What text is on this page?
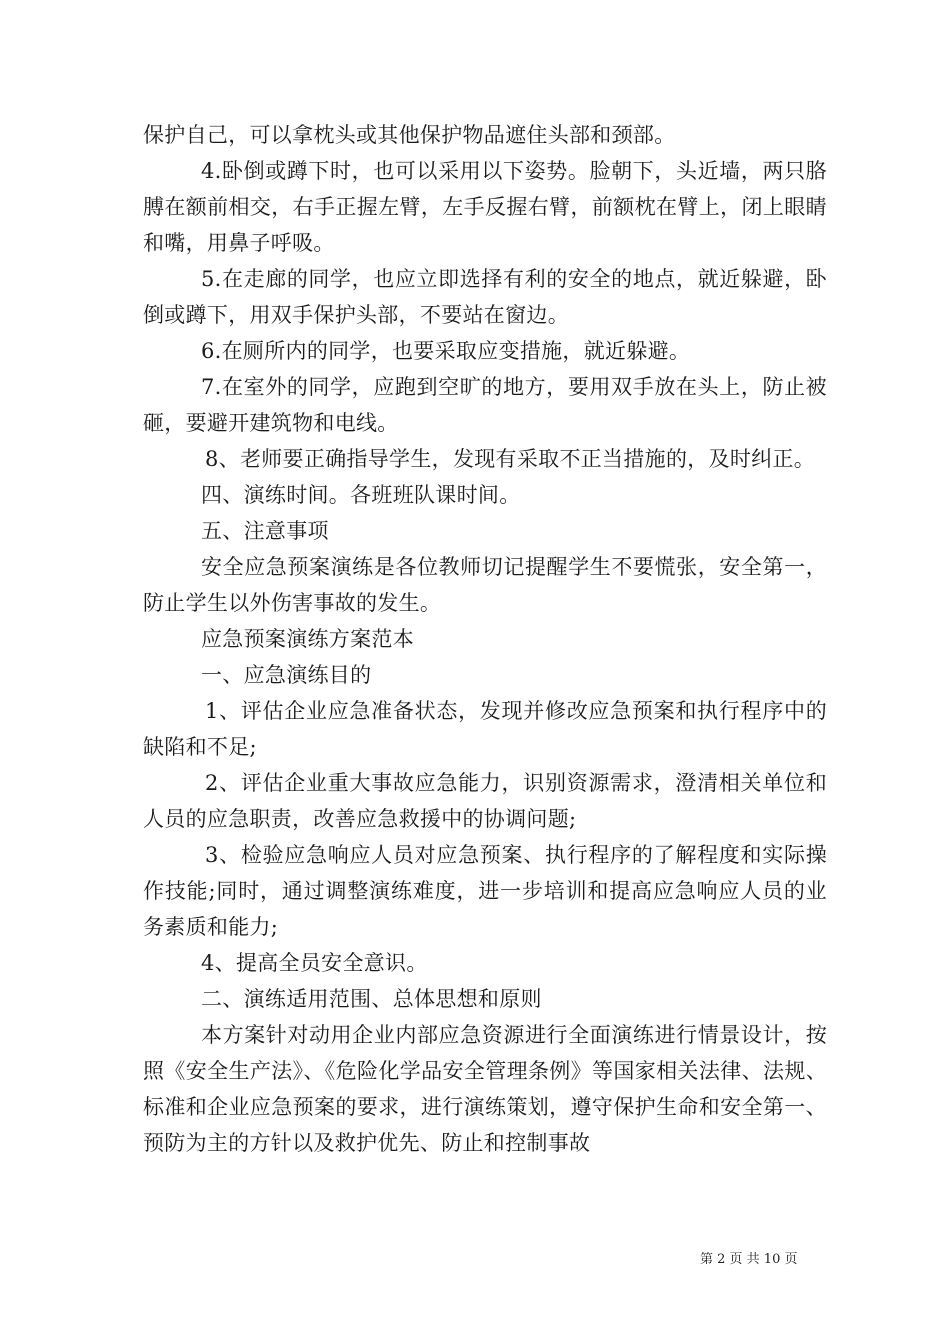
保护自己，可以拿枕头或其他保护物品遮住头部和颈部。

4.卧倒或蹲下时，也可以采用以下姿势。脸朝下，头近墙，两只胳膊在额前相交，右手正握左臂，左手反握右臂，前额枕在臂上，闭上眼睛和嘴，用鼻子呼吸。

5.在走廊的同学，也应立即选择有利的安全的地点，就近躲避，卧倒或蹲下，用双手保护头部，不要站在窗边。

6.在厕所内的同学，也要采取应变措施，就近躲避。

7.在室外的同学，应跑到空旷的地方，要用双手放在头上，防止被砸，要避开建筑物和电线。

8、老师要正确指导学生，发现有采取不正当措施的，及时纠正。

四、演练时间。各班班队课时间。

五、注意事项

安全应急预案演练是各位教师切记提醒学生不要慌张，安全第一，防止学生以外伤害事故的发生。

应急预案演练方案范本

一、应急演练目的

1、评估企业应急准备状态，发现并修改应急预案和执行程序中的缺陷和不足;

2、评估企业重大事故应急能力，识别资源需求，澄清相关单位和人员的应急职责，改善应急救援中的协调问题;

3、检验应急响应人员对应急预案、执行程序的了解程度和实际操作技能;同时，通过调整演练难度，进一步培训和提高应急响应人员的业务素质和能力;

4、提高全员安全意识。

二、演练适用范围、总体思想和原则

本方案针对动用企业内部应急资源进行全面演练进行情景设计，按照《安全生产法》、《危险化学品安全管理条例》等国家相关法律、法规、标准和企业应急预案的要求，进行演练策划，遵守保护生命和安全第一、预防为主的方针以及救护优先、防止和控制事故

第 2 页 共 10 页
